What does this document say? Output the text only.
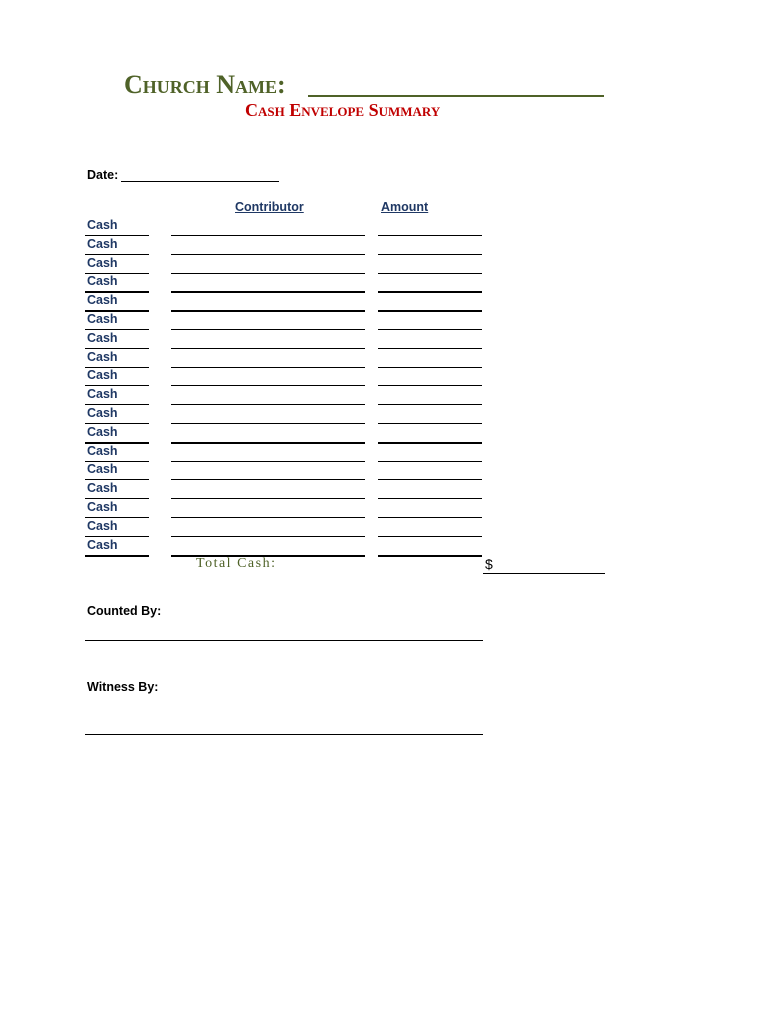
Church Name:
Cash Envelope Summary
Date:
Contributor	Amount
Cash
Cash
Cash
Cash
Cash
Cash
Cash
Cash
Cash
Cash
Cash
Cash
Cash
Cash
Cash
Cash
Cash
Cash
Total Cash:	$
Counted By:
Witness By:
